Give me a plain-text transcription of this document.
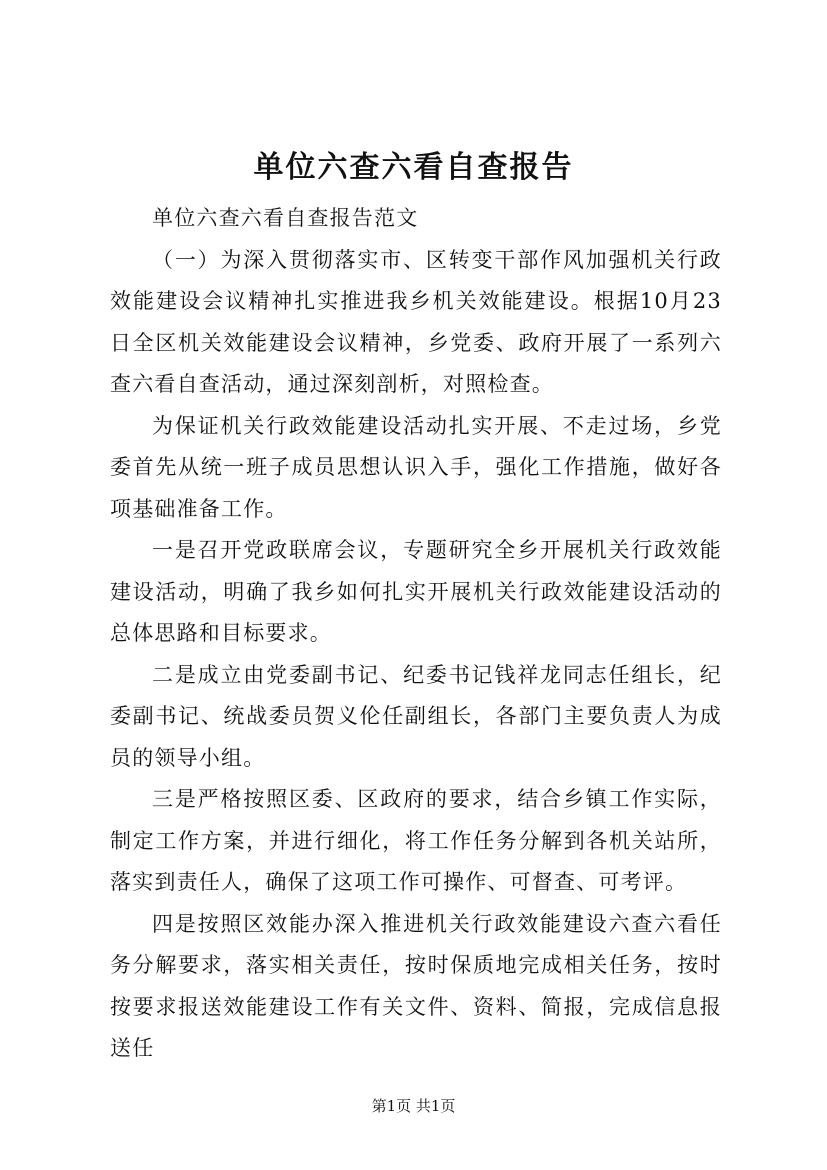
单位六查六看自查报告

单位六查六看自查报告范文

（一）为深入贯彻落实市、区转变干部作风加强机关行政效能建设会议精神扎实推进我乡机关效能建设。根据10月23日全区机关效能建设会议精神，乡党委、政府开展了一系列六查六看自查活动，通过深刻剖析，对照检查。

为保证机关行政效能建设活动扎实开展、不走过场，乡党委首先从统一班子成员思想认识入手，强化工作措施，做好各项基础准备工作。

一是召开党政联席会议，专题研究全乡开展机关行政效能建设活动，明确了我乡如何扎实开展机关行政效能建设活动的总体思路和目标要求。

二是成立由党委副书记、纪委书记钱祥龙同志任组长，纪委副书记、统战委员贺义伦任副组长，各部门主要负责人为成员的领导小组。

三是严格按照区委、区政府的要求，结合乡镇工作实际，制定工作方案，并进行细化，将工作任务分解到各机关站所，落实到责任人，确保了这项工作可操作、可督查、可考评。

四是按照区效能办深入推进机关行政效能建设六查六看任务分解要求，落实相关责任，按时保质地完成相关任务，按时按要求报送效能建设工作有关文件、资料、简报，完成信息报送任

第1页 共1页
